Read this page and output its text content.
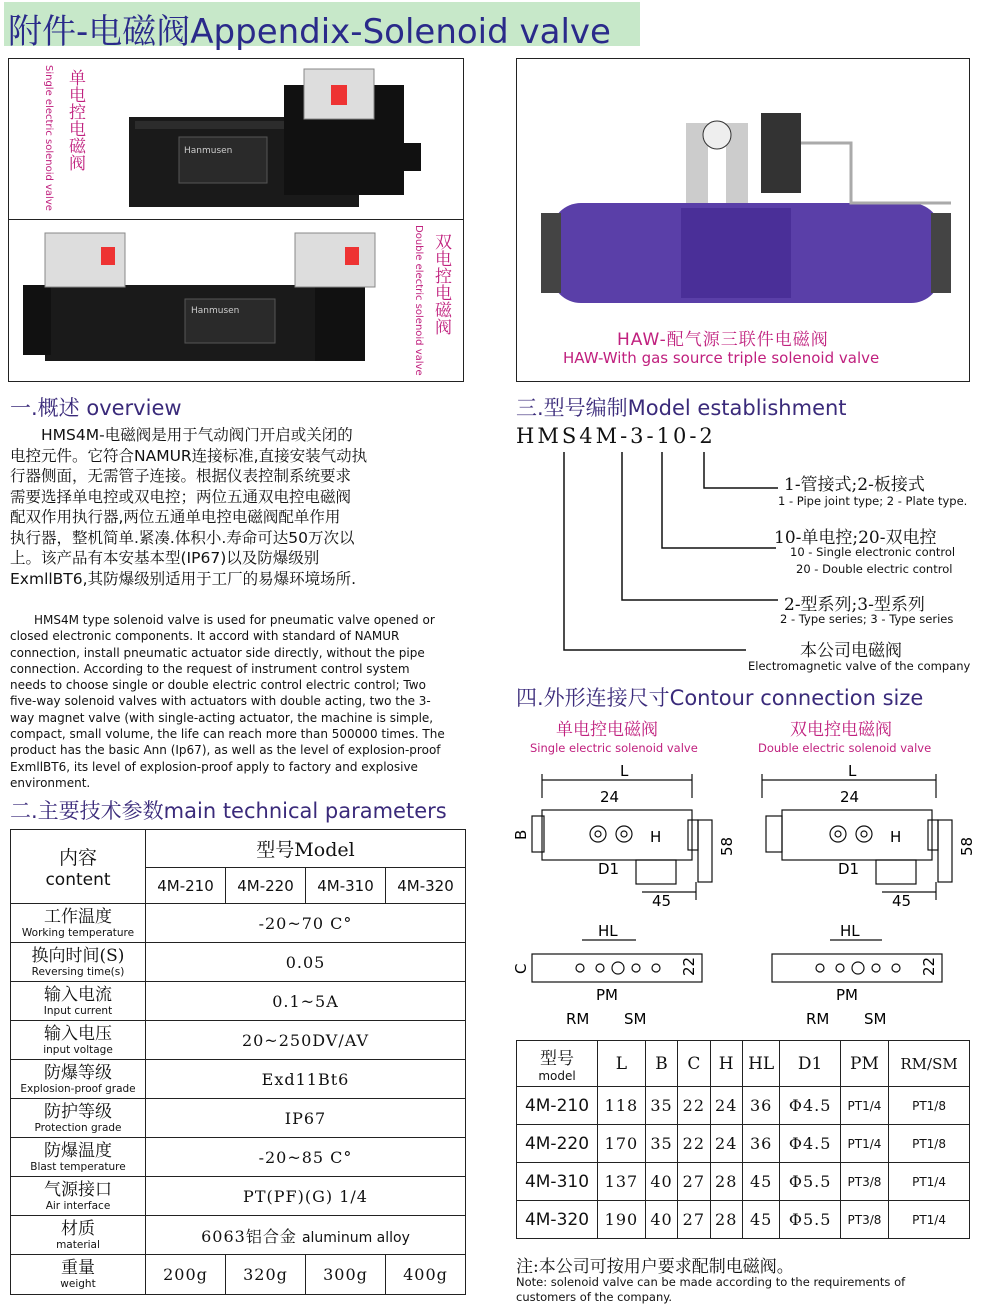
附件-电磁阀Appendix-Solenoid valve
Hanmusen
单电控电磁阀
Single electric solenoid valve
Hanmusen	双电控电磁阀
Double electric solenoid valve	HAW-配气源三联件电磁阀
HAW-With gas source triple solenoid valve
一.概述 overview
　　HMS4M-电磁阀是用于气动阀门开启或关闭的
电控元件。它符合NAMUR连接标准,直接安装气动执
行器侧面，无需管子连接。根据仪表控制系统要求
需要选择单电控或双电控；两位五通双电控电磁阀
配双作用执行器,两位五通单电控电磁阀配单作用
执行器，整机简单.紧凑.体积小.寿命可达50万次以
上。该产品有本安基本型(IP67)以及防爆级别
ExmllBT6,其防爆级别适用于工厂的易爆环境场所.
　　HMS4M type solenoid valve is used for pneumatic valve opened or
closed electronic components. It accord with standard of NAMUR
connection, install pneumatic actuator side directly, without the pipe
connection. According to the request of instrument control system
needs to choose single or double electric control electric control; Two
five-way solenoid valves with actuators with double acting, two the 3-
way magnet valve (with single-acting actuator, the machine is simple,
compact, small volume, the life can reach more than 500000 times. The
product has the basic Ann (Ip67), as well as the level of explosion-proof
ExmllBT6, its level of explosion-proof apply to factory and explosive
environment.
二.主要技术参数main technical parameters
内容
content	型号Model			
	4M-210	4M-220	4M-310	4M-320

工作温度
Working temperature	-20~70 C°			

换向时间(S)
Reversing time(s)	0.05			

输入电流
Input current	0.1~5A			

输入电压
input voltage	20~250DV/AV			

防爆等级
Explosion-proof grade	Exd11Bt6			

防护等级
Protection grade	IP67			

防爆温度
Blast temperature	-20~85 C°			

气源接口
Air interface	PT(PF)(G) 1/4			

材质
material	6063铝合金 aluminum alloy			

重量
weight	200g	320g	300g	400g
三.型号编制Model establishment
HMS4M-3-10-2
1-管接式;2-板接式
1 - Pipe joint type; 2 - Plate type.
10-单电控;20-双电控
10 - Single electronic control
20 - Double electric control
2-型系列;3-型系列
2 - Type series; 3 - Type series
本公司电磁阀
Electromagnetic valve of the company
四.外形连接尺寸Contour connection size
单电控电磁阀
Single electric solenoid valve
双电控电磁阀
Double electric solenoid valve
L
B
24
H
D1
58
45
HL
C	22
PM
RM SM
L
24
H
D1
58
45
HL
22
PM
RM SM
型号
model	L	B	C	H	HL	D1	PM	RM/SM
4M-210	118	35	22	24	36	Φ4.5	PT1/4	PT1/8
4M-220	170	35	22	24	36	Φ4.5	PT1/4	PT1/8
4M-310	137	40	27	28	45	Φ5.5	PT3/8	PT1/4
4M-320	190	40	27	28	45	Φ5.5	PT3/8	PT1/4
注:本公司可按用户要求配制电磁阀。
Note: solenoid valve can be made according to the requirements of
customers of the company.
